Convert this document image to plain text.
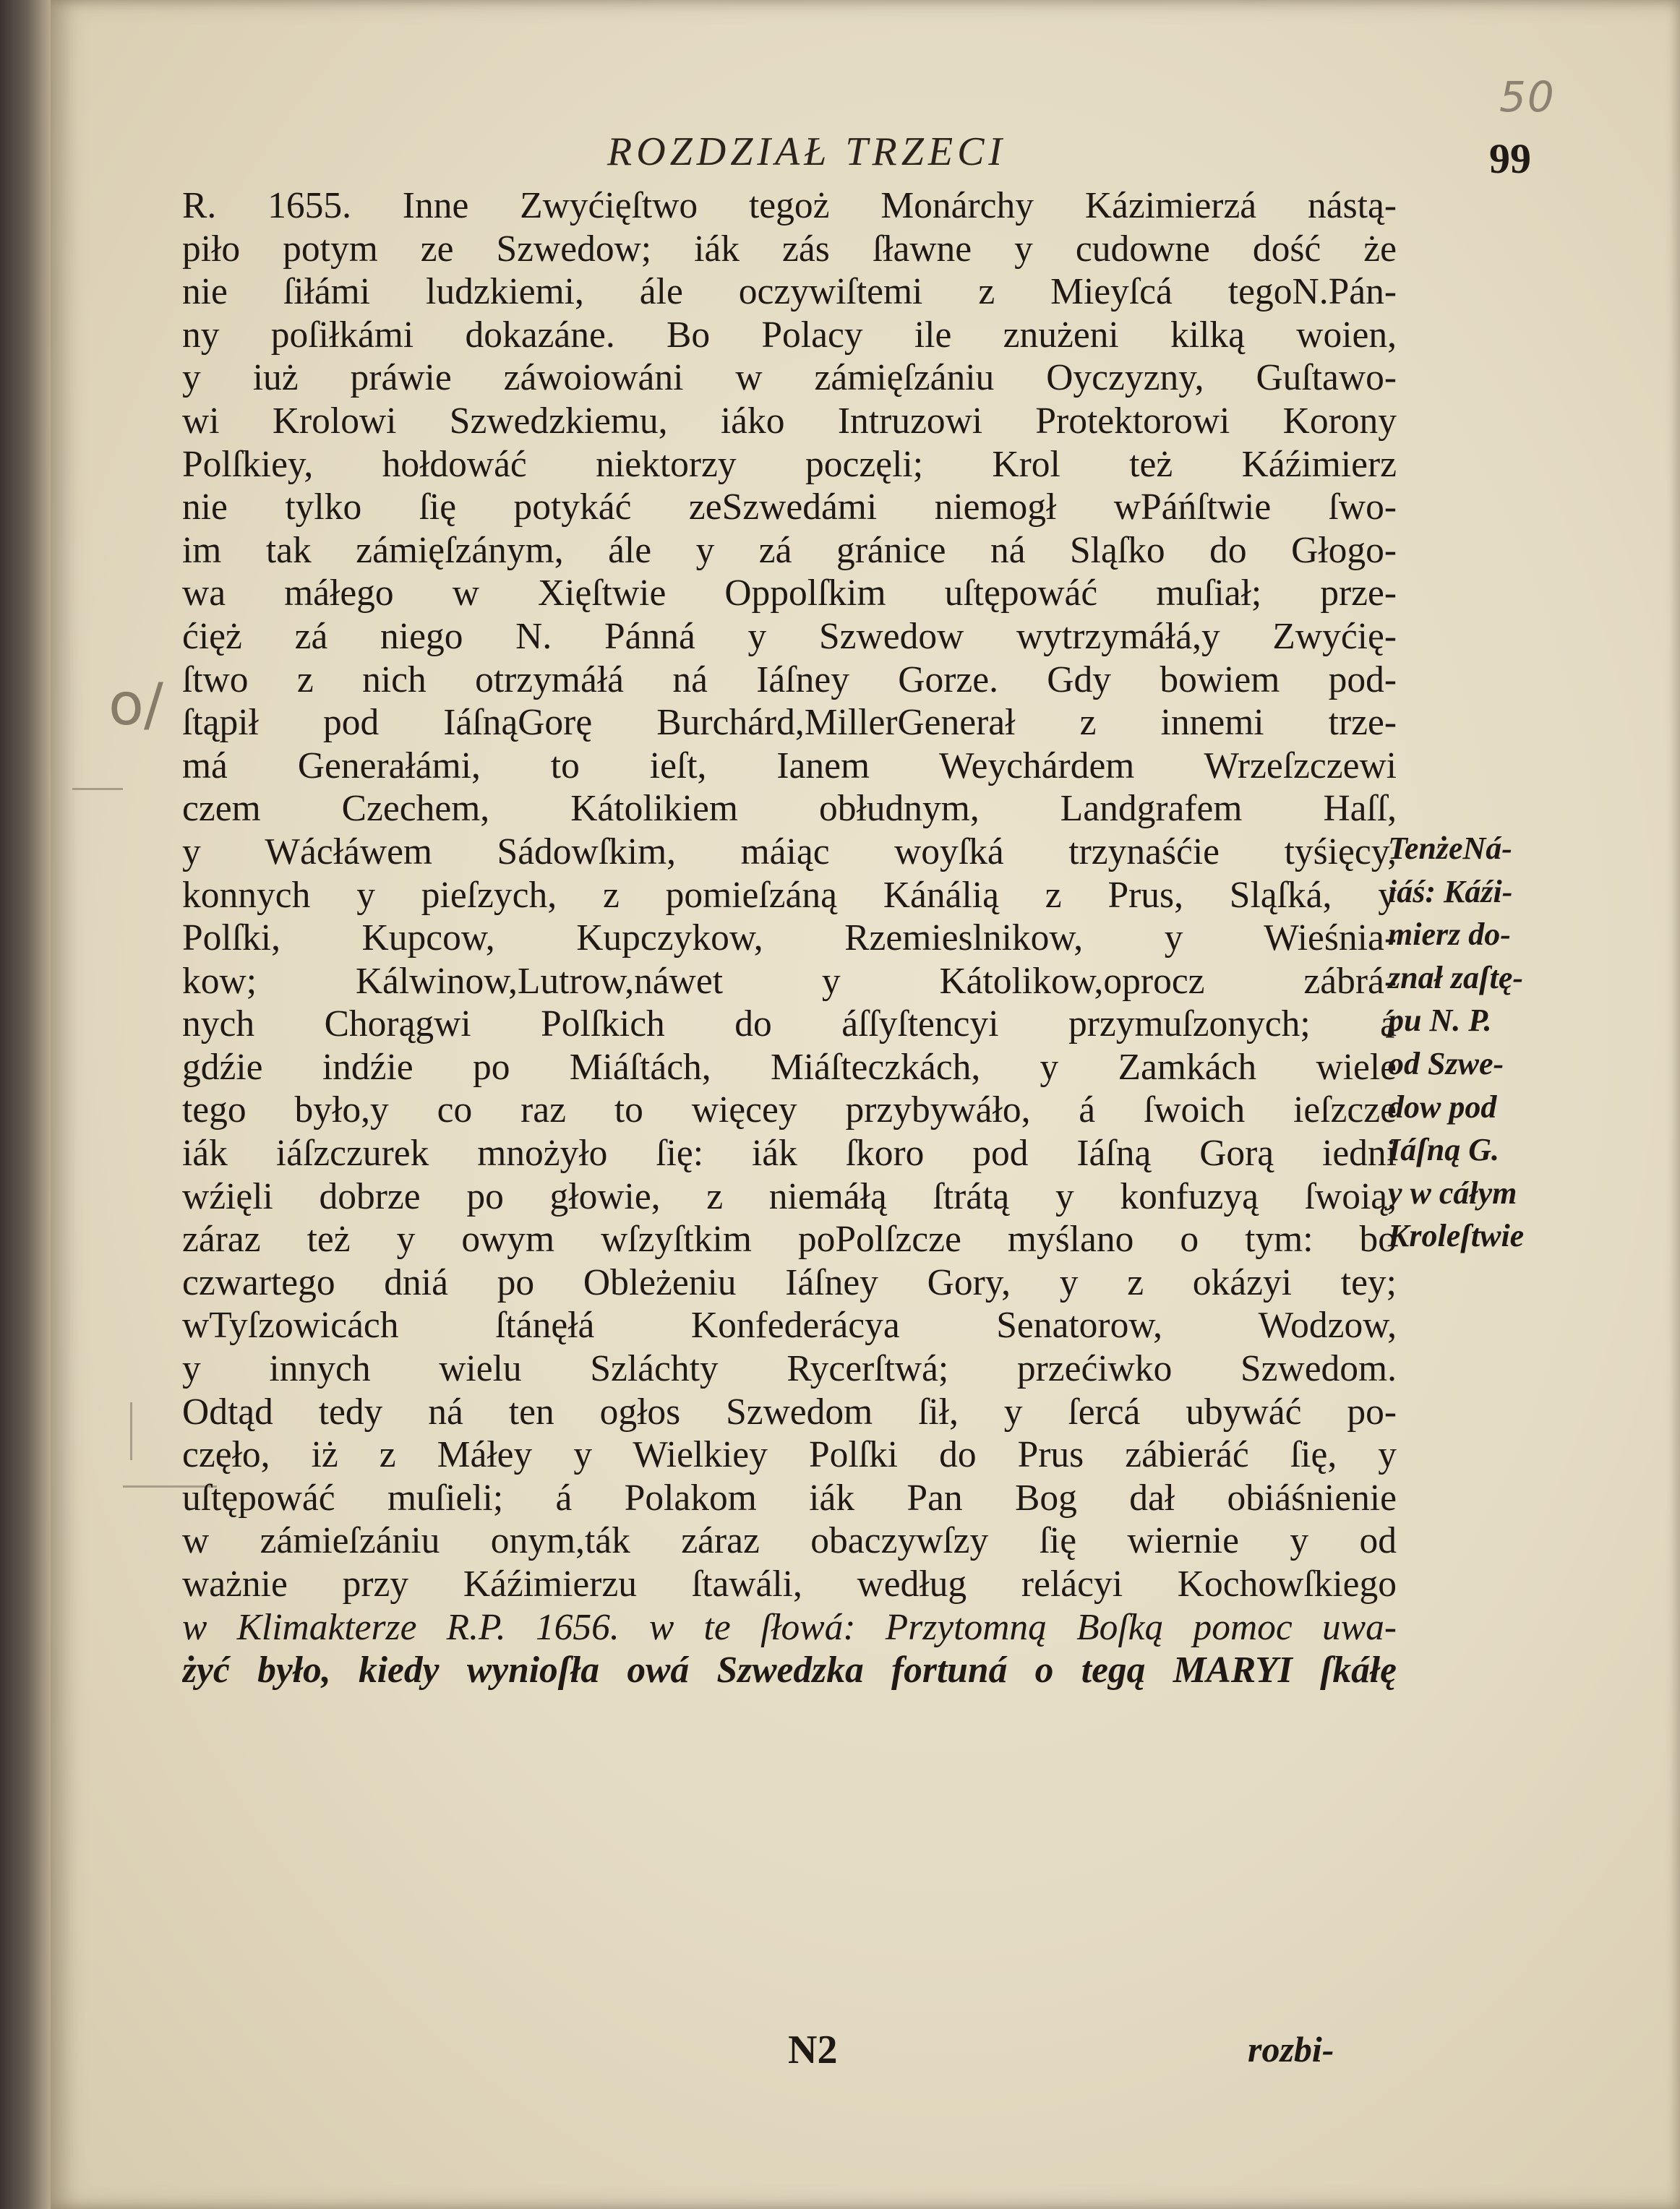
50
o/
ROZDZIAŁ TRZECI	99
R. 1655. Inne Zwyćięſtwo tegoż Monárchy Kázimierzá nástą-
piło potym ze Szwedow; iák zás ſławne y cudowne dość że
nie ſiłámi ludzkiemi, ále oczywiſtemi z Mieyſcá tegoN.Pán-
ny poſiłkámi dokazáne. Bo Polacy ile znużeni kilką woien,
y iuż práwie záwoiowáni w zámięſzániu Oyczyzny, Guſtawo-
wi Krolowi Szwedzkiemu, iáko Intruzowi Protektorowi Korony
Polſkiey, hołdowáć niektorzy poczęli; Krol też Káźimierz
nie tylko ſię potykáć zeSzwedámi niemogł wPáńſtwie ſwo-
im tak zámięſzánym, ále y zá gránice ná Sląſko do Głogo-
wa máłego w Xięſtwie Oppolſkim uſtępowáć muſiał; prze-
ćięż zá niego N. Pánná y Szwedow wytrzymáłá,y Zwyćię-
ſtwo z nich otrzymáłá ná Iáſney Gorze. Gdy bowiem pod-
ſtąpił pod IáſnąGorę Burchárd,MillerGenerał z innemi trze-
má Generałámi, to ieſt, Ianem Weychárdem Wrzeſzczewi
czem Czechem, Kátolikiem obłudnym, Landgrafem Haſſ,
y Wácłáwem Sádowſkim, máiąc woyſká trzynaśćie tyśięcy,
konnych y pieſzych, z pomieſzáną Kánálią z Prus, Sląſká, y
Polſki, Kupcow, Kupczykow, Rzemieslnikow, y Wieśnia-
kow; Kálwinow,Lutrow,náwet y Kátolikow,oprocz zábrá-
nych Chorągwi Polſkich do áſſyſtencyi przymuſzonych; á
gdźie indźie po Miáſtách, Miáſteczkách, y Zamkách wiele
tego było,y co raz to więcey przybywáło, á ſwoich ieſzcze
iák iáſzczurek mnożyło ſię: iák ſkoro pod Iáſną Gorą iedni
wźięli dobrze po głowie, z niemáłą ſtrátą y konfuzyą ſwoią,
záraz też y owym wſzyſtkim poPolſzcze myślano o tym: bo
czwartego dniá po Obleżeniu Iáſney Gory, y z okázyi tey;
wTyſzowicách ſtánęłá Konfederácya Senatorow, Wodzow,
y innych wielu Szláchty Rycerſtwá; przećiwko Szwedom.
Odtąd tedy ná ten ogłos Szwedom ſił, y ſercá ubywáć po-
częło, iż z Máłey y Wielkiey Polſki do Prus zábieráć ſię, y
uſtępowáć muſieli; á Polakom iák Pan Bog dał obiáśnienie
w zámieſzániu onym,ták záraz obaczywſzy ſię wiernie y od
ważnie przy Káźimierzu ſtawáli, według relácyi Kochowſkiego
w Klimakterze R.P. 1656. w te ſłowá: Przytomną Boſką pomoc uwa-
żyć było, kiedy wynioſła owá Szwedzka fortuná o tegą MARYI ſkáłę
TenżeNá-
iáś: Káźi-
mierz do-
znał zaſtę-
pu N. P.
od Szwe-
dow pod
Iáſną G.
y w cáłym
Kroleſtwie
N2	rozbi-
